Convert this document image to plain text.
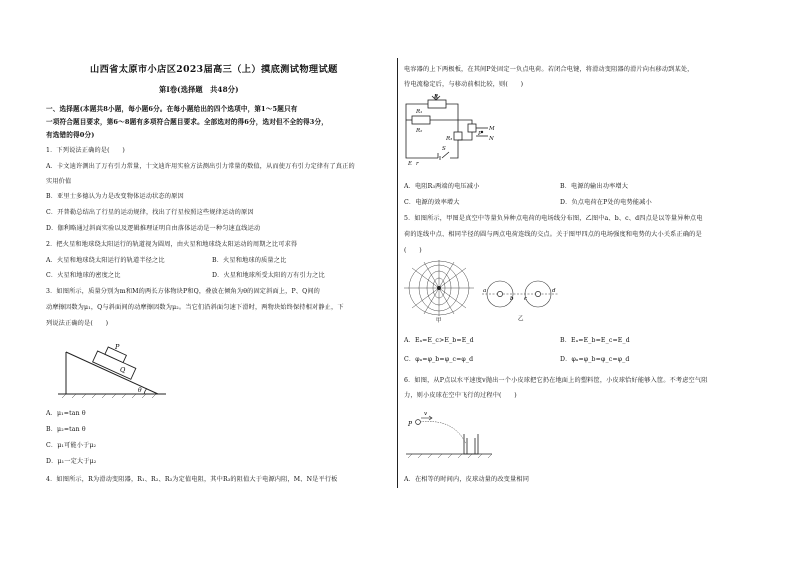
山西省太原市小店区2023届高三（上）摸底测试物理试题
第Ⅰ卷(选择题　共48分)
一、选择题(本题共8小题，每小题6分。在每小题给出的四个选项中，第1～5题只有
一项符合题目要求，第6～8题有多项符合题目要求。全部选对的得6分，选对但不全的得3分，
有选错的得0分)
1．下列说法正确的是(　　)
A．卡文迪许测出了万有引力常量，十文迪许用实验方法测出引力常量的数值，从而使万有引力定律有了真正的
实用价值
B．亚里士多德认为力是改变物体运动状态的原因
C．开普勒总结出了行星的运动规律，找出了行星按照这些规律运动的原因
D．伽利略通过斜面实验以及逻辑推理证明自由落体运动是一种匀速直线运动
2．把火星和地球绕太阳运行的轨道视为圆周，由火星和地球绕太阳运动的周期之比可求得
A．火星和地球绕太阳运行的轨道半径之比	B．火星和地球的质量之比
C．火星和地球的密度之比	D．火星和地球所受太阳的万有引力之比
3．如图所示，质量分别为m和M的两长方体物块P和Q，叠放在倾角为θ的固定斜面上，P、Q间的
动摩擦因数为μ₁，Q与斜面间的动摩擦因数为μ₂。当它们沿斜面匀速下滑时，两物块始终保持相对静止，下
列说法正确的是(　　)
P
Q
θ
A．μ₁=tan θ
B．μ₂=tan θ
C．μ₁可能小于μ₂
D．μ₁一定大于μ₂
4．如图所示，R为滑动变阻器，R₁、R₂、R₃为定值电阻，其中R₃的阻值大于电源内阻，M、N是平行板
电容器的上下两极板，在其间P处固定一负点电荷。若闭合电键，将滑动变阻器的滑片向右移动到某处，
待电流稳定后，与移动前相比较，则(　　)
R
R₁
R₂
R₃
M
P
N
E r
S
A．电阻R₃两端的电压减小	B．电源的输出功率增大
C．电源的效率增大	D．负点电荷在P处的电势能减小
5．如图所示，甲图是真空中等量负异种点电荷的电场线分布图，乙图中a、b、c、d四点是以等量异种点电
荷的连线中点、相同半径的圆与两点电荷连线的交点。关于图甲四点的电场强度和电势的大小关系正确的是
(　　)
甲
a
b c
d
乙
A．Eₐ=E_c>E_b=E_d	B．Eₐ=E_b=E_c=E_d
C．φₐ=φ_b=φ_c=φ_d	D．φₐ=φ_b=φ_c=φ_d
6．如图，从P点以水平速度v抛出一个小皮球把它扔在地面上的塑料筐，小皮球恰好能够入筐。不考虑空气阻
力，则小皮球在空中飞行的过程中(　　)
P
v
A．在相等的时间内，皮球动量的改变量相同
